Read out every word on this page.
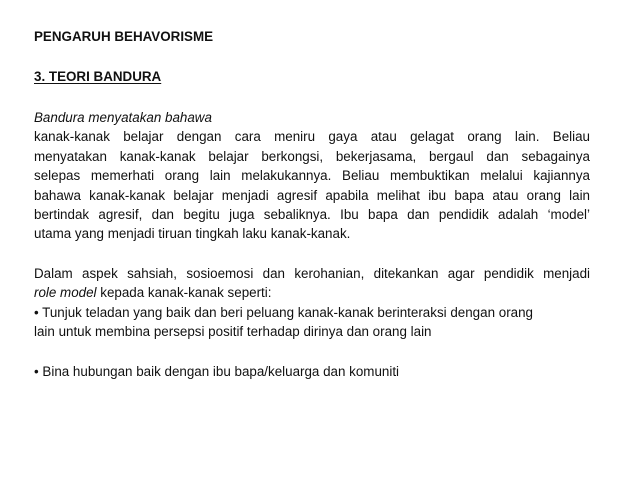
PENGARUH BEHAVORISME
3. TEORI BANDURA
Bandura menyatakan bahawa
kanak-kanak belajar dengan cara meniru gaya atau gelagat orang lain. Beliau
menyatakan kanak-kanak belajar berkongsi, bekerjasama, bergaul dan sebagainya
selepas memerhati orang lain melakukannya. Beliau membuktikan melalui kajiannya
bahawa kanak-kanak belajar menjadi agresif apabila melihat ibu bapa atau orang lain
bertindak agresif, dan begitu juga sebaliknya. Ibu bapa dan pendidik adalah ‘model’
utama yang menjadi tiruan tingkah laku kanak-kanak.
Dalam aspek sahsiah, sosioemosi dan kerohanian, ditekankan agar pendidik menjadi
role model kepada kanak-kanak seperti:
• Tunjuk teladan yang baik dan beri peluang kanak-kanak berinteraksi dengan orang
lain untuk membina persepsi positif terhadap dirinya dan orang lain
• Bina hubungan baik dengan ibu bapa/keluarga dan komuniti
